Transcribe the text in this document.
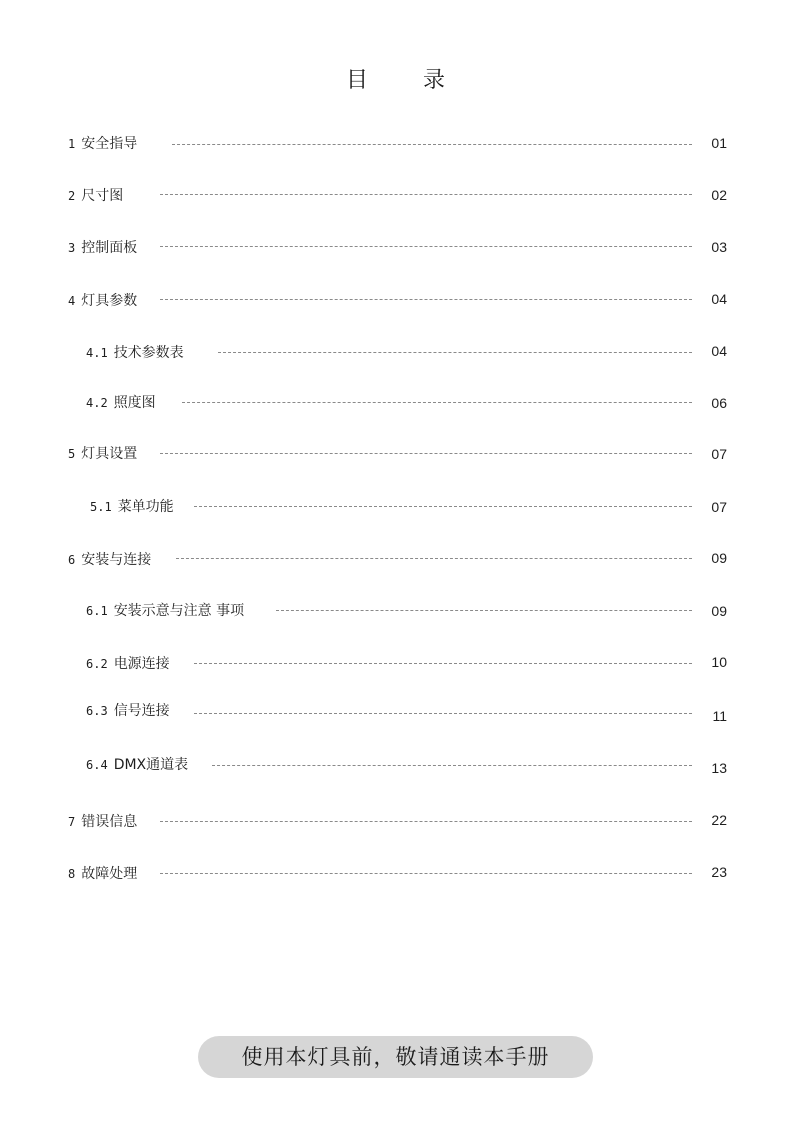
目 录
1 安全指导	01
2 尺寸图	02
3 控制面板	03
4 灯具参数	04
4.1 技术参数表	04
4.2 照度图	06
5 灯具设置	07
5.1 菜单功能	07
6 安装与连接	09
6.1 安装示意与注意 事项	09
6.2 电源连接	10
6.3 信号连接	11
6.4 DMX通道表	13
7 错误信息	22
8 故障处理	23
使用本灯具前，敬请通读本手册
